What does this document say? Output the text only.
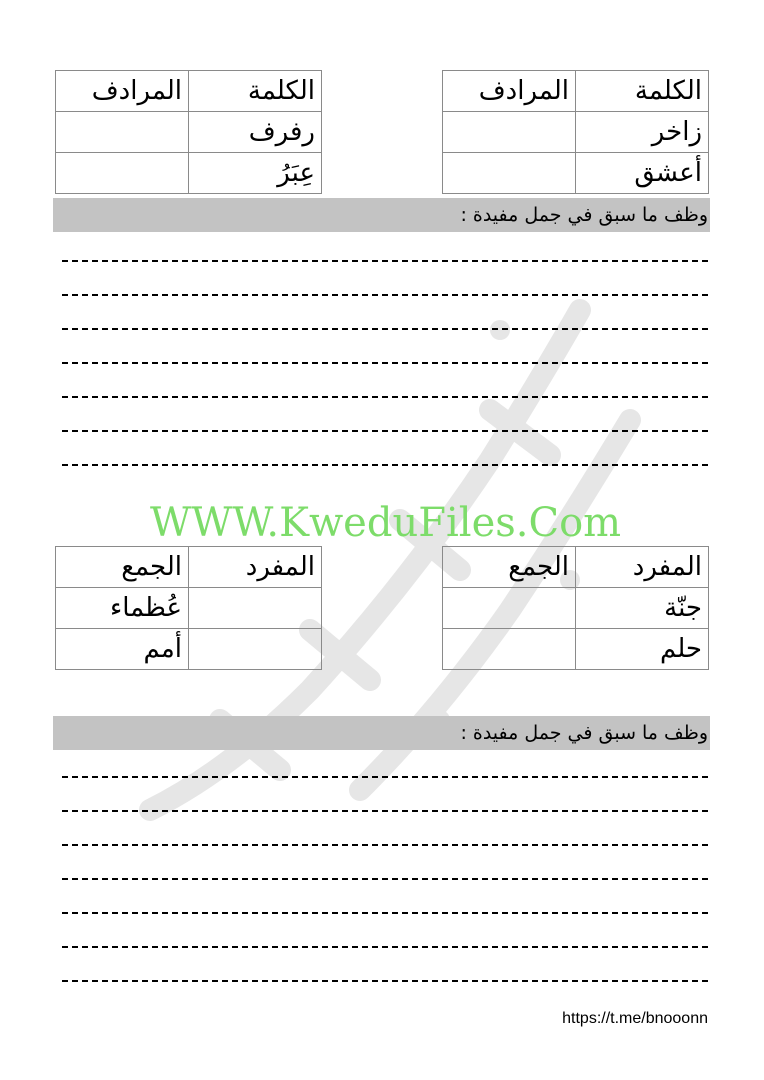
الكلمة	المرادف
زاخر	
أعشق	
الكلمة	المرادف
رفرف	
عِبَر	
وظف ما سبق في جمل مفيدة :
WWW.KweduFiles.Com
المفرد	الجمع
جنّة	
حلم	
المفرد	الجمع
	عُظماء
	أمم
وظف ما سبق في جمل مفيدة :
https://t.me/bnooonn
